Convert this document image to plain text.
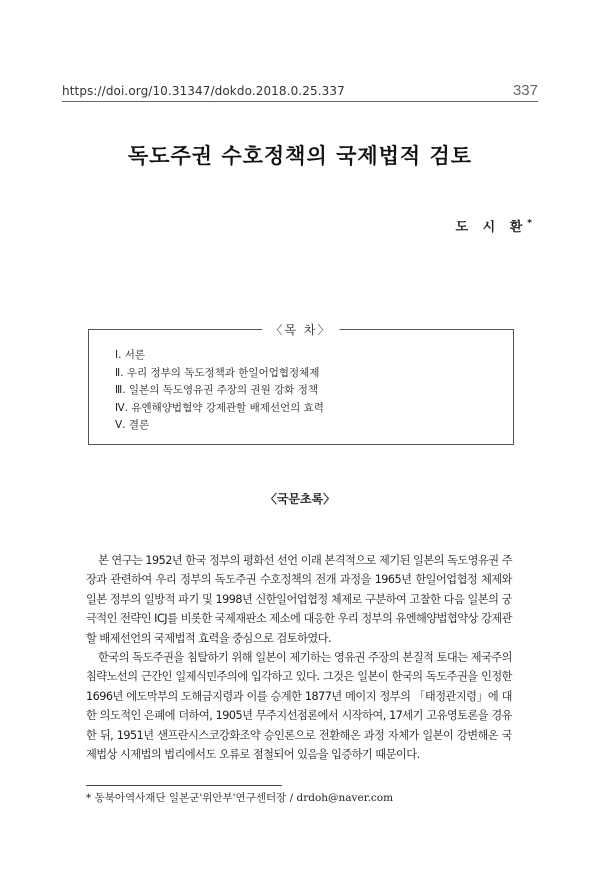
https://doi.org/10.31347/dokdo.2018.0.25.337	337
독도주권 수호정책의 국제법적 검토
도 시 환*
〈목 차〉
Ⅰ. 서론
Ⅱ. 우리 정부의 독도정책과 한일어업협정체제
Ⅲ. 일본의 독도영유권 주장의 권원 강화 정책
Ⅳ. 유엔해양법협약 강제관할 배제선언의 효력
Ⅴ. 결론
〈국문초록〉

본 연구는 1952년 한국 정부의 평화선 선언 이래 본격적으로 제기된 일본의 독도영유권 주장과 관련하여 우리 정부의 독도주권 수호정책의 전개 과정을 1965년 한일어업협정 체제와 일본 정부의 일방적 파기 및 1998년 신한일어업협정 체제로 구분하여 고찰한 다음 일본의 궁극적인 전략인 ICJ를 비롯한 국제재판소 제소에 대응한 우리 정부의 유엔해양법협약상 강제관할 배제선언의 국제법적 효력을 중심으로 검토하였다.

한국의 독도주권을 침탈하기 위해 일본이 제기하는 영유권 주장의 본질적 토대는 제국주의 침략노선의 근간인 일제식민주의에 입각하고 있다. 그것은 일본이 한국의 독도주권을 인정한 1696년 에도막부의 도해금지령과 이를 승계한 1877년 메이지 정부의 「태정관지령」에 대한 의도적인 은폐에 더하여, 1905년 무주지선점론에서 시작하여, 17세기 고유영토론을 경유한 뒤, 1951년 샌프란시스코강화조약 승인론으로 전환해온 과정 자체가 일본이 강변해온 국제법상 시제법의 법리에서도 오류로 점철되어 있음을 입증하기 때문이다.

* 동북아역사재단 일본군'위안부'연구센터장 / drdoh@naver.com
